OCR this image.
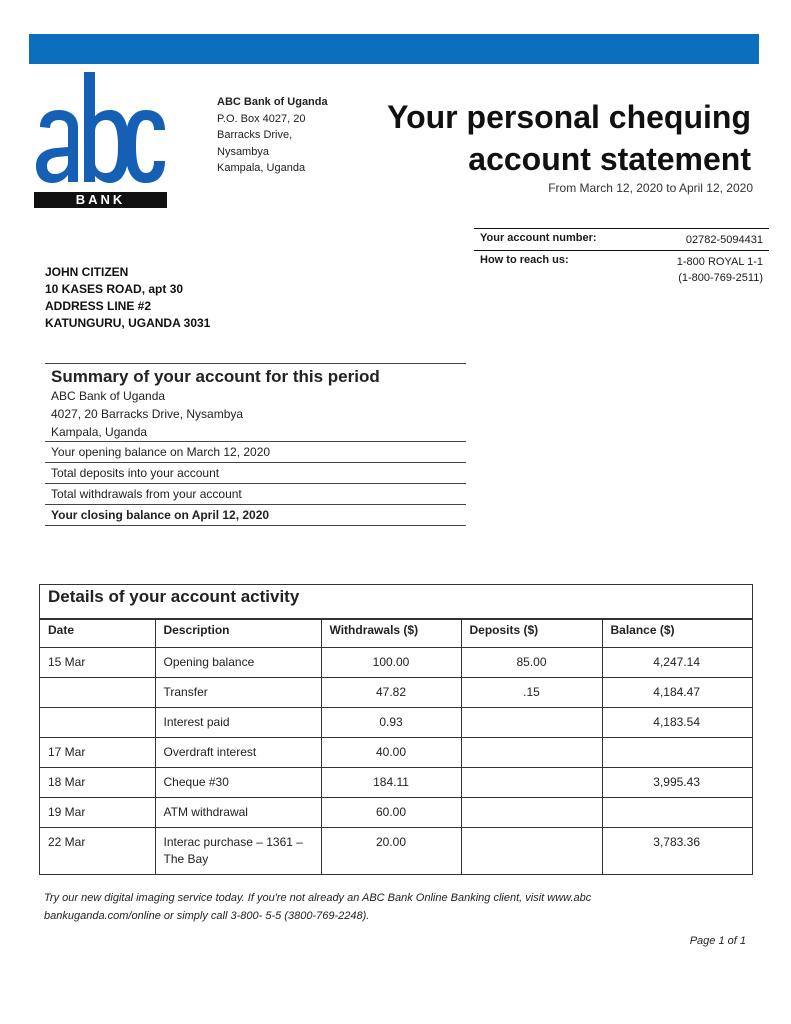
BANK
ABC Bank of Uganda
P.O. Box 4027, 20
Barracks Drive,
Nysambya
Kampala, Uganda
Your personal chequing
account statement
From March 12, 2020 to April 12, 2020
Your account number:	02782-5094431
How to reach us:	1-800 ROYAL 1-1
(1-800-769-2511)
JOHN CITIZEN
10 KASES ROAD, apt 30
ADDRESS LINE #2
KATUNGURU, UGANDA 3031
Summary of your account for this period
ABC Bank of Uganda
4027, 20 Barracks Drive, Nysambya
Kampala, Uganda
Your opening balance on March 12, 2020
Total deposits into your account
Total withdrawals from your account
Your closing balance on April 12, 2020
Details of your account activity
Date	Description	Withdrawals ($)	Deposits ($)	Balance ($)
15 Mar	Opening balance	100.00	85.00	4,247.14
	Transfer	47.82	.15	4,184.47
	Interest paid	0.93		4,183.54
17 Mar	Overdraft interest	40.00		
18 Mar	Cheque #30	184.11		3,995.43
19 Mar	ATM withdrawal	60.00		
22 Mar	Interac purchase – 1361 – The Bay	20.00		3,783.36
Try our new digital imaging service today. If you're not already an ABC Bank Online Banking client, visit www.abc
bankuganda.com/online or simply call 3-800- 5-5 (3800-769-2248).
Page 1 of 1
